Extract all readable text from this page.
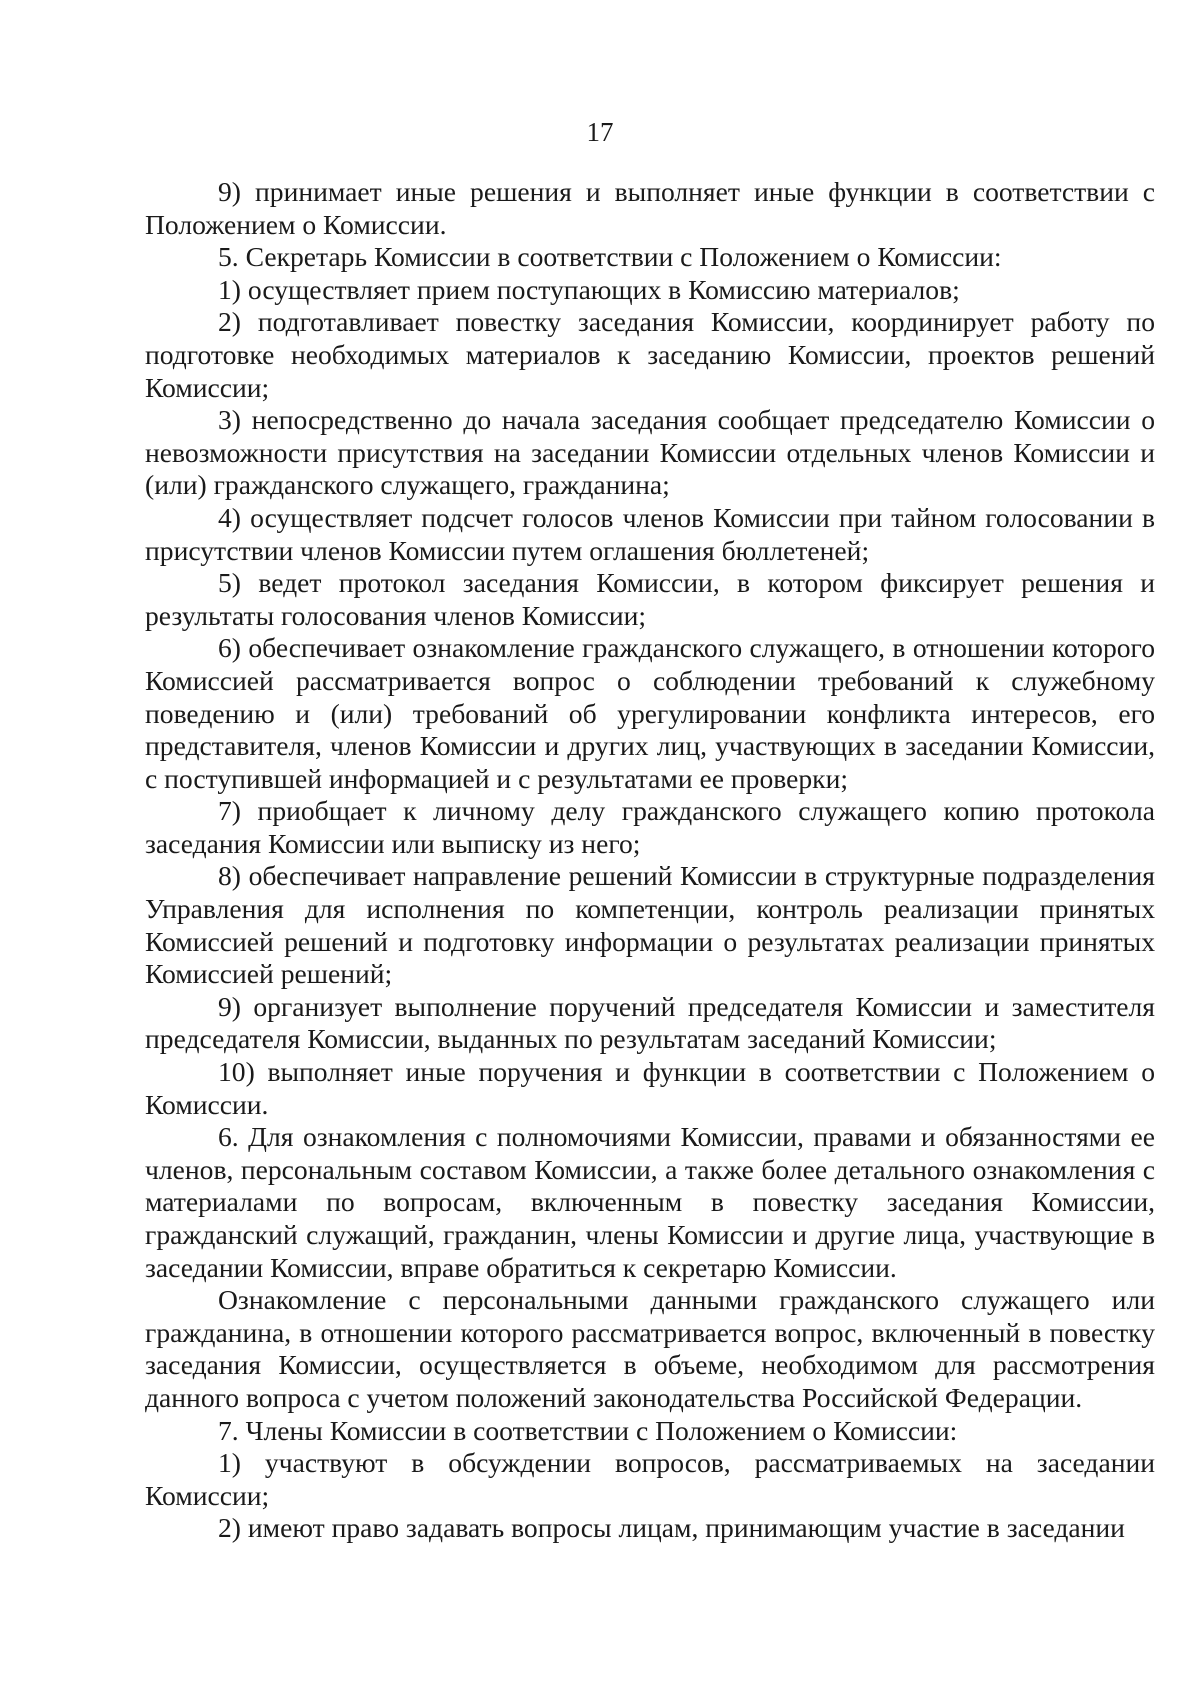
17

9) принимает иные решения и выполняет иные функции в соответствии с Положением о Комиссии.

5. Секретарь Комиссии в соответствии с Положением о Комиссии:

1) осуществляет прием поступающих в Комиссию материалов;

2) подготавливает повестку заседания Комиссии, координирует работу по подготовке необходимых материалов к заседанию Комиссии, проектов решений Комиссии;

3) непосредственно до начала заседания сообщает председателю Комиссии о невозможности присутствия на заседании Комиссии отдельных членов Комиссии и (или) гражданского служащего, гражданина;

4) осуществляет подсчет голосов членов Комиссии при тайном голосовании в присутствии членов Комиссии путем оглашения бюллетеней;

5) ведет протокол заседания Комиссии, в котором фиксирует решения и результаты голосования членов Комиссии;

6) обеспечивает ознакомление гражданского служащего, в отношении которого Комиссией рассматривается вопрос о соблюдении требований к служебному поведению и (или) требований об урегулировании конфликта интересов, его представителя, членов Комиссии и других лиц, участвующих в заседании Комиссии, с поступившей информацией и с результатами ее проверки;

7) приобщает к личному делу гражданского служащего копию протокола заседания Комиссии или выписку из него;

8) обеспечивает направление решений Комиссии в структурные подразделения Управления для исполнения по компетенции, контроль реализации принятых Комиссией решений и подготовку информации о результатах реализации принятых Комиссией решений;

9) организует выполнение поручений председателя Комиссии и заместителя председателя Комиссии, выданных по результатам заседаний Комиссии;

10) выполняет иные поручения и функции в соответствии с Положением о Комиссии.

6. Для ознакомления с полномочиями Комиссии, правами и обязанностями ее членов, персональным составом Комиссии, а также более детального ознакомления с материалами по вопросам, включенным в повестку заседания Комиссии, гражданский служащий, гражданин, члены Комиссии и другие лица, участвующие в заседании Комиссии, вправе обратиться к секретарю Комиссии.

Ознакомление с персональными данными гражданского служащего или гражданина, в отношении которого рассматривается вопрос, включенный в повестку заседания Комиссии, осуществляется в объеме, необходимом для рассмотрения данного вопроса с учетом положений законодательства Российской Федерации.

7. Члены Комиссии в соответствии с Положением о Комиссии:

1) участвуют в обсуждении вопросов, рассматриваемых на заседании Комиссии;

2) имеют право задавать вопросы лицам, принимающим участие в заседании
